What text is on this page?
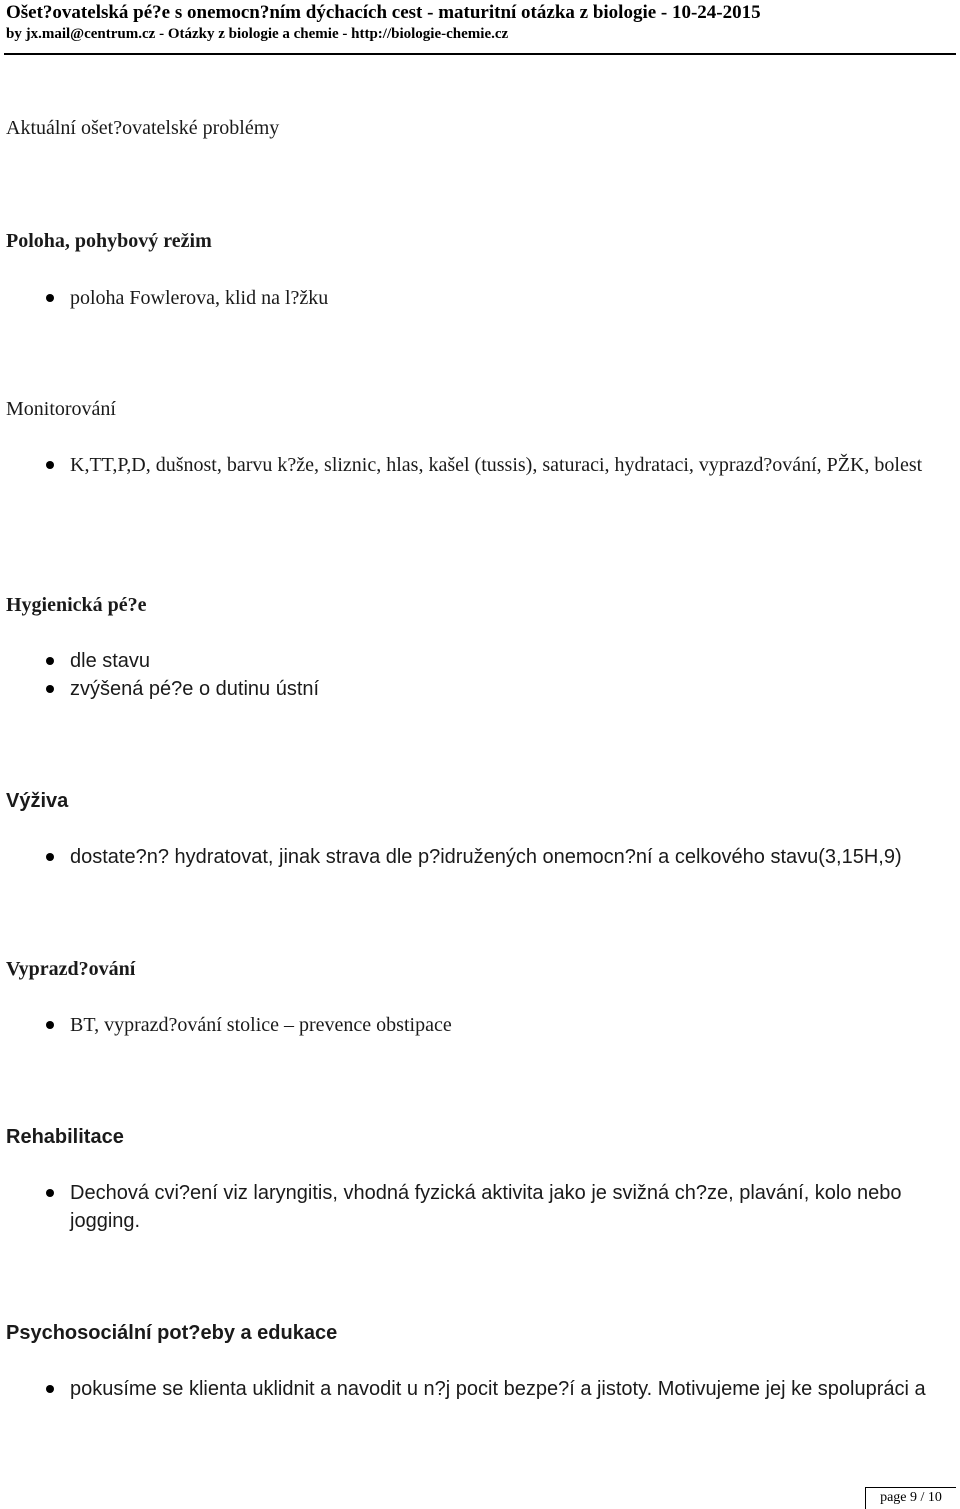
Ošet?ovatelská pé?e s onemocn?ním dýchacích cest - maturitní otázka z biologie - 10-24-2015
by jx.mail@centrum.cz - Otázky z biologie a chemie - http://biologie-chemie.cz
Aktuální ošet?ovatelské problémy
Poloha, pohybový režim
poloha Fowlerova, klid na l?žku
Monitorování
K,TT,P,D, dušnost, barvu k?že, sliznic, hlas, kašel (tussis), saturaci, hydrataci, vyprazd?ování, PŽK, bolest
Hygienická pé?e
dle stavu
zvýšená pé?e o dutinu ústní
Výživa
dostate?n? hydratovat, jinak strava dle p?idružených onemocn?ní a celkového stavu(3,15H,9)
Vyprazd?ování
BT, vyprazd?ování stolice – prevence obstipace
Rehabilitace
Dechová cvi?ení viz laryngitis, vhodná fyzická aktivita jako je svižná ch?ze, plavání, kolo nebo jogging.
Psychosociální pot?eby a edukace
pokusíme se klienta uklidnit a navodit u n?j pocit bezpe?í a jistoty. Motivujeme jej ke spolupráci a
page 9 / 10
